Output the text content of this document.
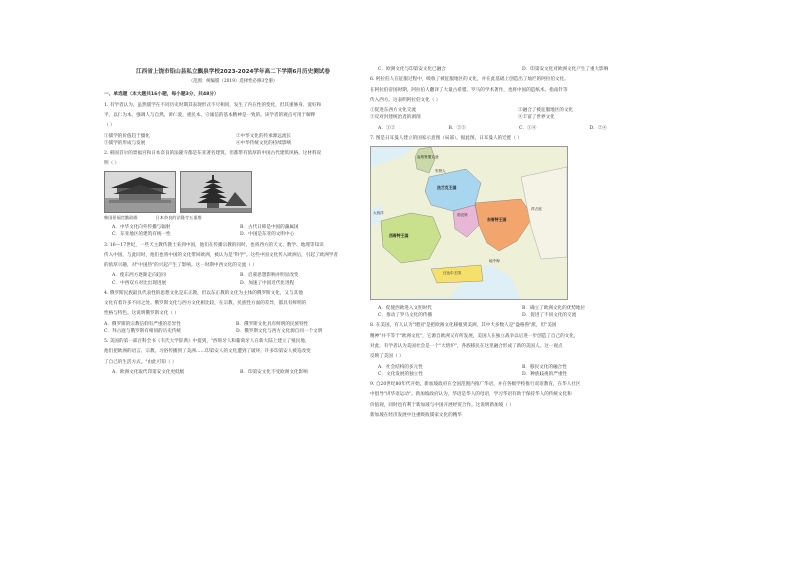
江西省上饶市铅山县私立飘泉学校2023-2024学年高二下学期6月历史测试卷
（范围：统编版（2019）选择性必修3全册）
一、单选题（本大题共16小题，每小题3分，共48分）

1. 有学者认为，虽然儒学在不同历史时期其表现形式不尽相同，发生了内在性的变化，但其重修身、爱好和

平、以仁为本、强调人与自然、讲仁爱、重民本、守诚信的基本精神是一致的。该学者的观点可用于解释

（ ）

①儒学的价值趋于僵化	②中华文化的传承源远流长
③儒学的形成与发展	④中华传统文化的持续影响

2. 韩国首尔的景福宫和日本奈良的法隆寺都是东亚著名建筑，但都带有浓厚的中国古代建筑风格。这材料说

明（ ）

韩国景福宫勤政殿	日本奈良的法隆寺五重塔
A．中华文化向外传播与辐射	B．古代日韩是中国的藩属国
C．东亚地区的建筑有统一性	D．中国是东亚的文明中心

3. 16—17世纪，一些天主教传教士来到中国，他们在传播宗教的同时，也将西方的天文、数学、地理等知识

传入中国，与此同时，他们也将中国的文化带回欧洲，被认为是"科学"。这些中国文化传入欧洲后，引起了欧洲学者

的浓厚兴趣，对"中国热"的兴起产生了影响。这一时期中西文化的交流（ ）

A．使东西方逐渐走向趋同	B．启蒙思想影响并明显改变
C．中西双方对比出现进展	D．加速了中国近代化进程

4. 俄罗斯民族最具代表性的思想文化是东正教，但以东正教的文化为主体的俄罗斯文化，又与其他

文化有着许多不同之处。俄罗斯文化与西方文化相比较，在宗教、民族性方面的差异，都具有鲜明的

性格与特色。这说明俄罗斯文化（ ）

A．俄罗斯的宗教信仰有严重的差异性	B．俄罗斯文化具有鲜明的民族特性
C．拜占庭与俄罗斯有相同的历史传统	D．俄罗斯文化与西方文化源自同一个文明

5. 美国的第一部百科全书《韦氏大学辞典》中提到，"西班牙人和葡萄牙人在新大陆上建立了殖民地，

他们把欧洲的语言、宗教、习俗传播到了美洲……印第安人的文化遭到了破坏，许多印第安人被迫改变

了自己的生活方式。"由此可知（ ）

A．欧洲文化取代印第安文化更低级	B．印第安文化不受欧洲文化影响
C．欧洲文化与印第安文化已融合	D．印第安文化对欧洲文化产生了重大影响

6. 阿拉伯人在征服过程中，吸收了被征服地区的文化，并在此基础上创造出了灿烂的阿拉伯文化。

在阿拉伯帝国时期，阿拉伯人翻译了大量古希腊、罗马的学术著作，也将中国的造纸术、指南针等

传入西方。这表明阿拉伯文化（ ）

①促进东西方文化交流	②融合了被征服地区的文化
③反对封建统治者的剥削	④丰富了世界文化
A．①②	B．②③	C．①④	D．②④

7. 图是日耳曼人建立的国家示意图（局部）。据此图，日耳曼人的迁徙（ ）

盎格鲁撒克逊
法兰克王国
勃艮第
东哥特王国
西哥特王国
汪达尔王国
拜占庭
大西洋
地中海
朱特人
A．促使西欧进入文明时代	B．确立了欧洲文化的优势地位
C．推动了罗马文化的传播	D．促进了不同文化的交流

8. 在美国，有人认为"建国"是把欧洲文化移植到美洲，其中大多数人是"盎格鲁"派，但"美国

精神"并不等于"欧洲文化"，它源自欧洲又有所发展，美国人在独立战争以后进一步创造了自己的文化，

对此，有学者认为美国社会是一个"大熔炉"，各族移民在这里融合形成了新的美国人。这一观点

反映了美国（ ）

A．社会结构的多元性	B．移民文化的融合性
C．文化发展的独立性	D．种族歧视的严重性

9. 自20世纪80年代开始，新加坡政府在全国范围内推广华语，并在各级学校推行双语教育，在华人社区

中倡导"讲华语运动"。新加坡政府认为，华语是华人的母语，学习华语有助于保持华人的传统文化和

价值观，同时也有利于新加坡与中国开展经贸合作。这说明新加坡（ ）

新加坡在经济发展中注重吸收儒家文化的精华
